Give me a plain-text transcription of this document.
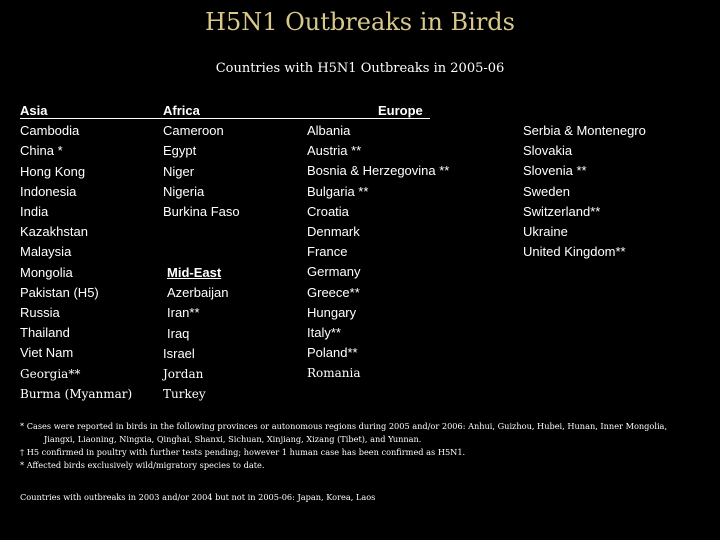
H5N1 Outbreaks in Birds
Countries with H5N1 Outbreaks in 2005-06
Asia
Cambodia
China *
Hong Kong
Indonesia
India
Kazakhstan
Malaysia
Mongolia
Pakistan (H5)
Russia
Thailand
Viet Nam
Georgia**
Burma (Myanmar)
Africa
Cameroon
Egypt
Niger
Nigeria
Burkina Faso
Mid-East
Azerbaijan
Iran**
Iraq
Israel
Jordan
Turkey
Europe
Albania
Austria **
Bosnia & Herzegovina **
Bulgaria **
Croatia
Denmark
France
Germany
Greece**
Hungary
Italy**
Poland**
Romania
Serbia & Montenegro
Slovakia
Slovenia **
Sweden
Switzerland**
Ukraine
United Kingdom**
* Cases were reported in birds in the following provinces or autonomous regions during 2005 and/or 2006: Anhui, Guizhou, Hubei, Hunan, Inner Mongolia,
Jiangxi, Liaoning, Ningxia, Qinghai, Shanxi, Sichuan, Xinjiang, Xizang (Tibet), and Yunnan.
† H5 confirmed in poultry with further tests pending; however 1 human case has been confirmed as H5N1.
* Affected birds exclusively wild/migratory species to date.
Countries with outbreaks in 2003 and/or 2004 but not in 2005-06: Japan, Korea, Laos
